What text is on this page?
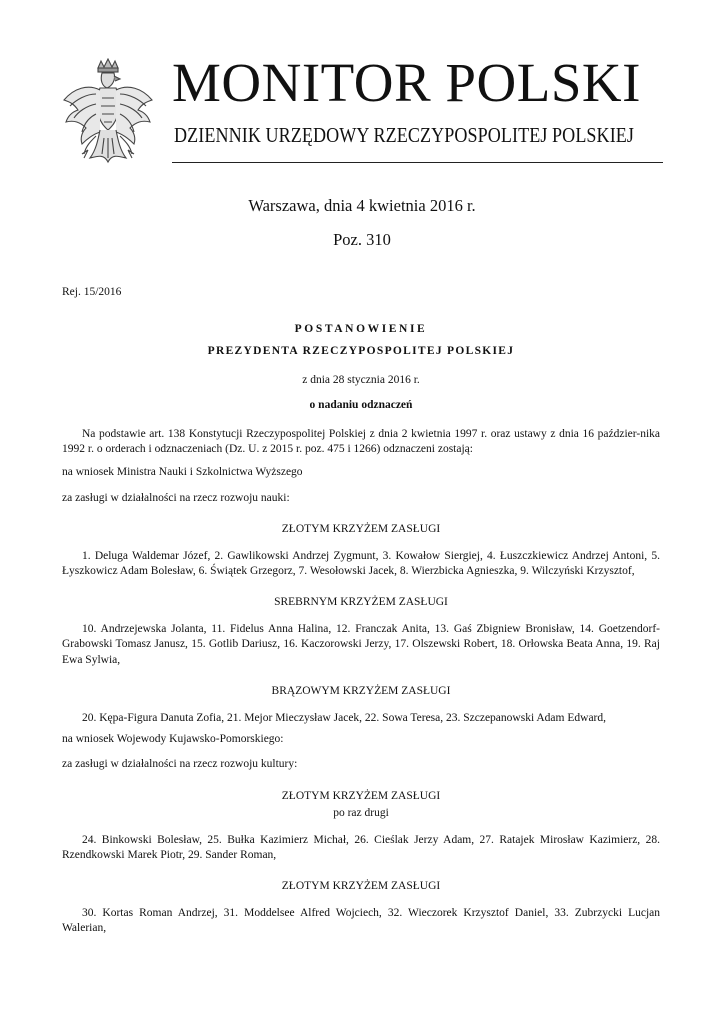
MONITOR POLSKI
DZIENNIK URZĘDOWY RZECZYPOSPOLITEJ POLSKIEJ
Warszawa, dnia 4 kwietnia 2016 r.
Poz. 310
Rej. 15/2016
POSTANOWIENIE
PREZYDENTA RZECZYPOSPOLITEJ POLSKIEJ
z dnia 28 stycznia 2016 r.
o nadaniu odznaczeń

Na podstawie art. 138 Konstytucji Rzeczypospolitej Polskiej z dnia 2 kwietnia 1997 r. oraz ustawy z dnia 16 paździer-nika 1992 r. o orderach i odznaczeniach (Dz. U. z 2015 r. poz. 475 i 1266) odznaczeni zostają:

na wniosek Ministra Nauki i Szkolnictwa Wyższego

za zasługi w działalności na rzecz rozwoju nauki:

ZŁOTYM KRZYŻEM ZASŁUGI

1. Deluga Waldemar Józef, 2. Gawlikowski Andrzej Zygmunt, 3. Kowałow Siergiej, 4. Łuszczkiewicz Andrzej Antoni, 5. Łyszkowicz Adam Bolesław, 6. Świątek Grzegorz, 7. Wesołowski Jacek, 8. Wierzbicka Agnieszka, 9. Wilczyński Krzysztof,

SREBRNYM KRZYŻEM ZASŁUGI

10. Andrzejewska Jolanta, 11. Fidelus Anna Halina, 12. Franczak Anita, 13. Gaś Zbigniew Bronisław, 14. Goetzendorf-Grabowski Tomasz Janusz, 15. Gotlib Dariusz, 16. Kaczorowski Jerzy, 17. Olszewski Robert, 18. Orłowska Beata Anna, 19. Raj Ewa Sylwia,

BRĄZOWYM KRZYŻEM ZASŁUGI

20. Kępa-Figura Danuta Zofia, 21. Mejor Mieczysław Jacek, 22. Sowa Teresa, 23. Szczepanowski Adam Edward,

na wniosek Wojewody Kujawsko-Pomorskiego:

za zasługi w działalności na rzecz rozwoju kultury:

ZŁOTYM KRZYŻEM ZASŁUGI
po raz drugi

24. Binkowski Bolesław, 25. Bułka Kazimierz Michał, 26. Cieślak Jerzy Adam, 27. Ratajek Mirosław Kazimierz, 28. Rzendkowski Marek Piotr, 29. Sander Roman,

ZŁOTYM KRZYŻEM ZASŁUGI

30. Kortas Roman Andrzej, 31. Moddelsee Alfred Wojciech, 32. Wieczorek Krzysztof Daniel, 33. Zubrzycki Lucjan Walerian,
